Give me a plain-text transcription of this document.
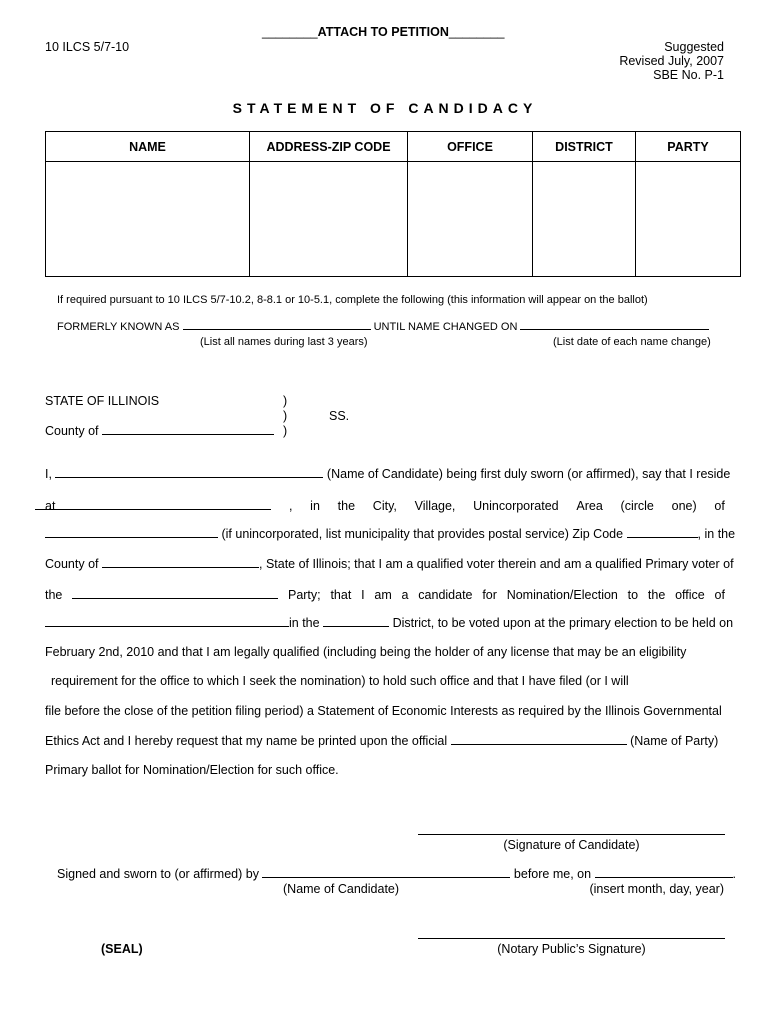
________ATTACH TO PETITION________
10 ILCS 5/7-10	Suggested
Revised July, 2007
SBE No. P-1
STATEMENT OF CANDIDACY
NAME	ADDRESS-ZIP CODE	OFFICE	DISTRICT	PARTY

If required pursuant to 10 ILCS 5/7-10.2, 8-8.1 or 10-5.1, complete the following (this information will appear on the ballot)
FORMERLY KNOWN AS	UNTIL NAME CHANGED ON
(List all names during last 3 years)	(List date of each name change)
STATE OF ILLINOIS	)
)	SS.
County of	)
I,	(Name of Candidate) being first duly sworn (or affirmed), say that I reside
at	, in the City, Village, Unincorporated Area (circle one) of
(if unincorporated, list municipality that provides postal service) Zip Code	, in the
County of	, State of Illinois; that I am a qualified voter therein and am a qualified Primary voter of
the	Party; that I am a candidate for Nomination/Election to the office of
in the	District, to be voted upon at the primary election to be held on
February 2nd, 2010 and that I am legally qualified (including being the holder of any license that may be an eligibility
requirement for the office to which I seek the nomination) to hold such office and that I have filed (or I will
file before the close of the petition filing period) a Statement of Economic Interests as required by the Illinois Governmental
Ethics Act and I hereby request that my name be printed upon the official	(Name of Party)
Primary ballot for Nomination/Election for such office.
(Signature of Candidate)
Signed and sworn to (or affirmed) by	before me, on	.
(Name of Candidate)	(insert month, day, year)
(SEAL)	(Notary Public’s Signature)
